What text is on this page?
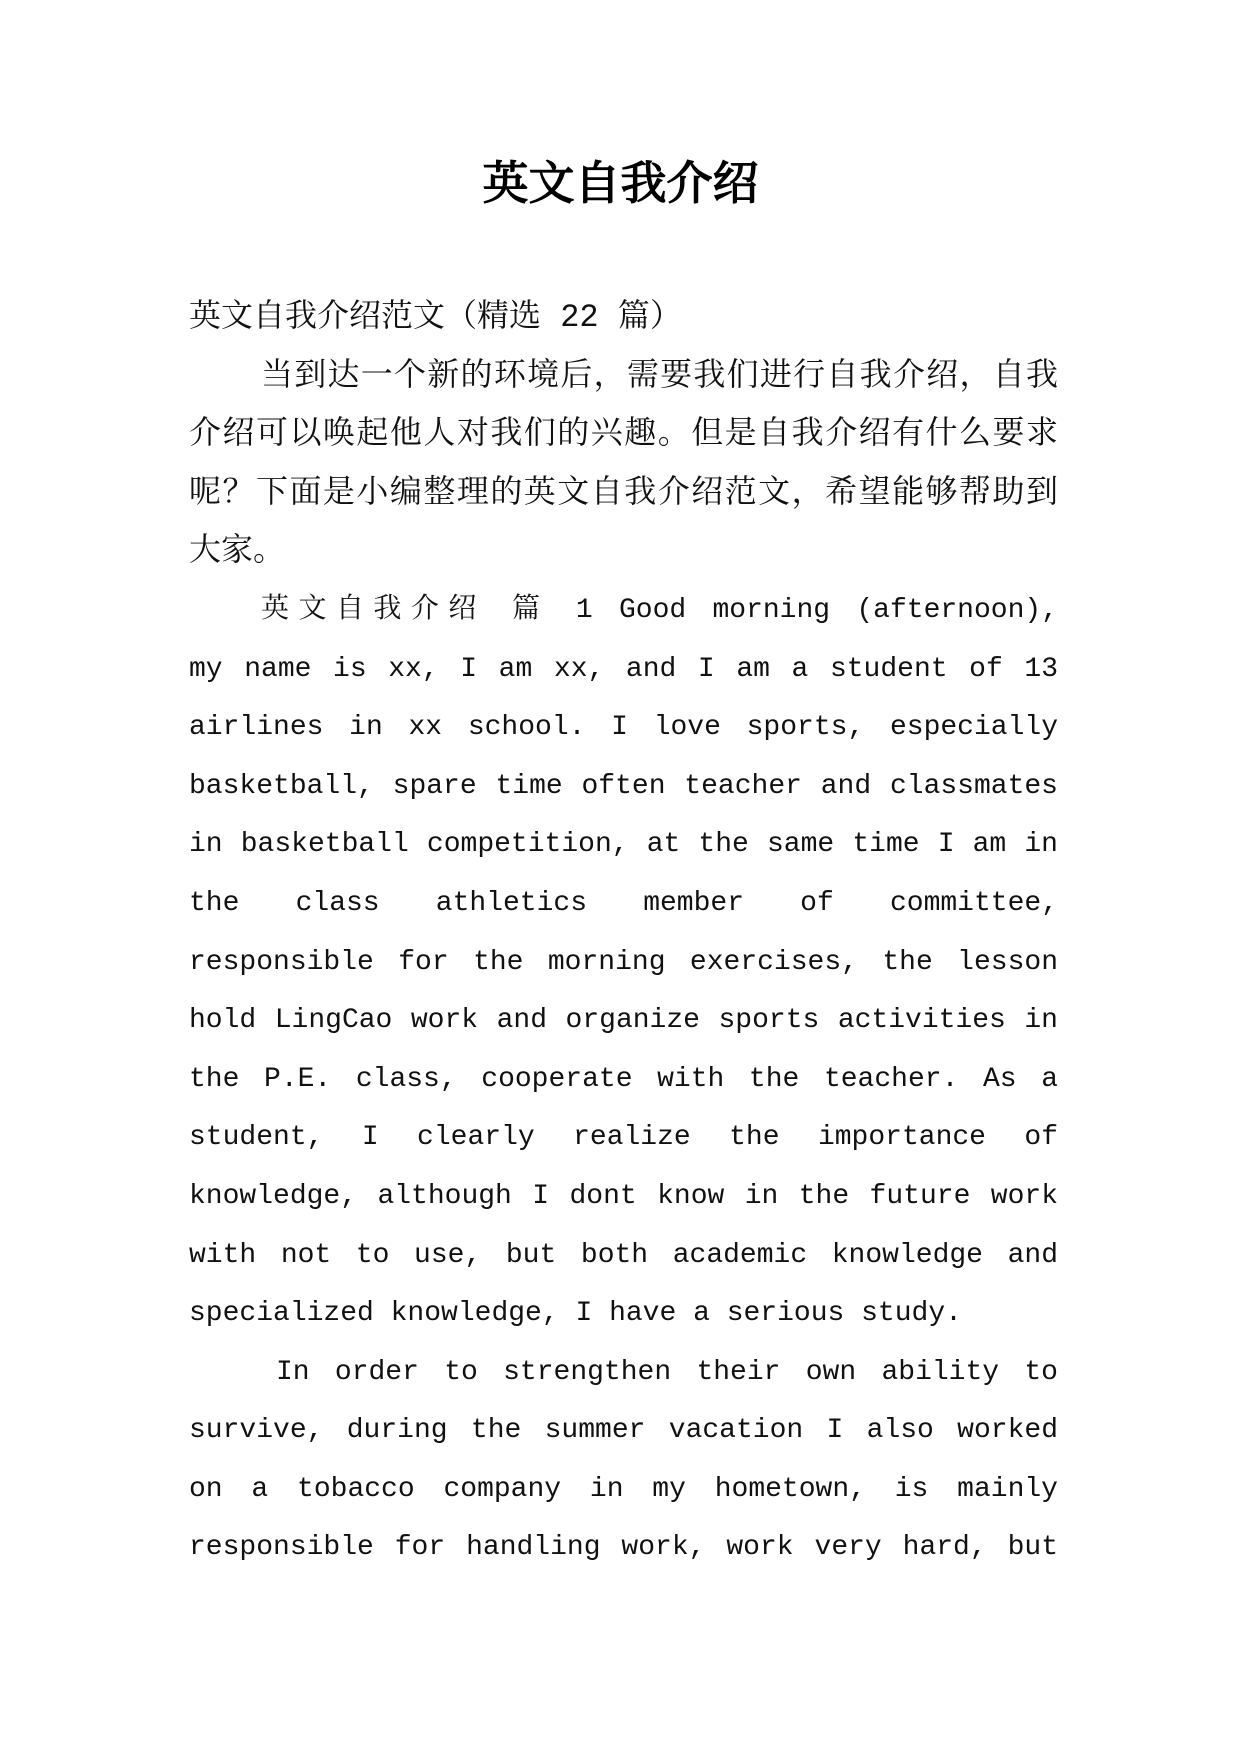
英文自我介绍
英文自我介绍范文（精选 22 篇）
当到达一个新的环境后，需要我们进行自我介绍，自我
介绍可以唤起他人对我们的兴趣。但是自我介绍有什么要求
呢？下面是小编整理的英文自我介绍范文，希望能够帮助到
大家。
英文自我介绍 篇 1 Good morning (afternoon),
my name is xx, I am xx, and I am a student of 13
airlines in xx school. I love sports, especially
basketball, spare time often teacher and classmates
in basketball competition, at the same time I am in
the class athletics member of committee,
responsible for the morning exercises, the lesson
hold LingCao work and organize sports activities in
the P.E. class, cooperate with the teacher. As a
student, I clearly realize the importance of
knowledge, although I dont know in the future work
with not to use, but both academic knowledge and
specialized knowledge, I have a serious study.
In order to strengthen their own ability to
survive, during the summer vacation I also worked
on a tobacco company in my hometown, is mainly
responsible for handling work, work very hard, but
